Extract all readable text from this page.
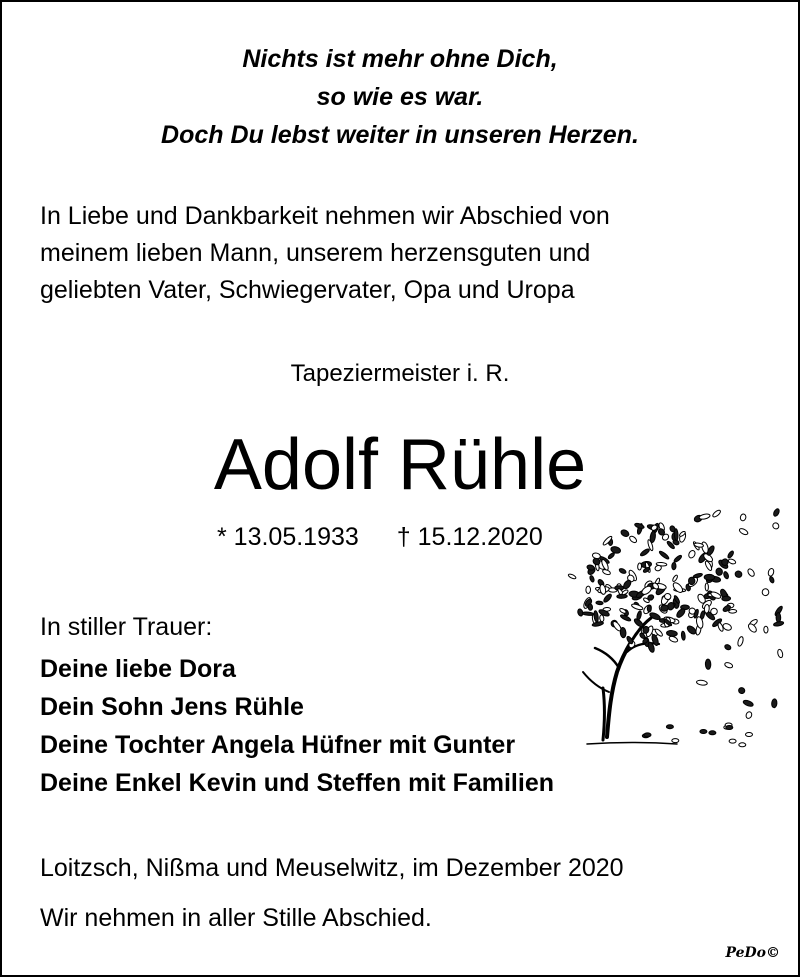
Nichts ist mehr ohne Dich,
so wie es war.
Doch Du lebst weiter in unseren Herzen.
In Liebe und Dankbarkeit nehmen wir Abschied von
meinem lieben Mann, unserem herzensguten und
geliebten Vater, Schwiegervater, Opa und Uropa
Tapeziermeister i. R.
Adolf Rühle
* 13.05.1933 † 15.12.2020
In stiller Trauer:
Deine liebe Dora
Dein Sohn Jens Rühle
Deine Tochter Angela Hüfner mit Gunter
Deine Enkel Kevin und Steffen mit Familien
Loitzsch, Nißma und Meuselwitz, im Dezember 2020
Wir nehmen in aller Stille Abschied.
PeDo©
